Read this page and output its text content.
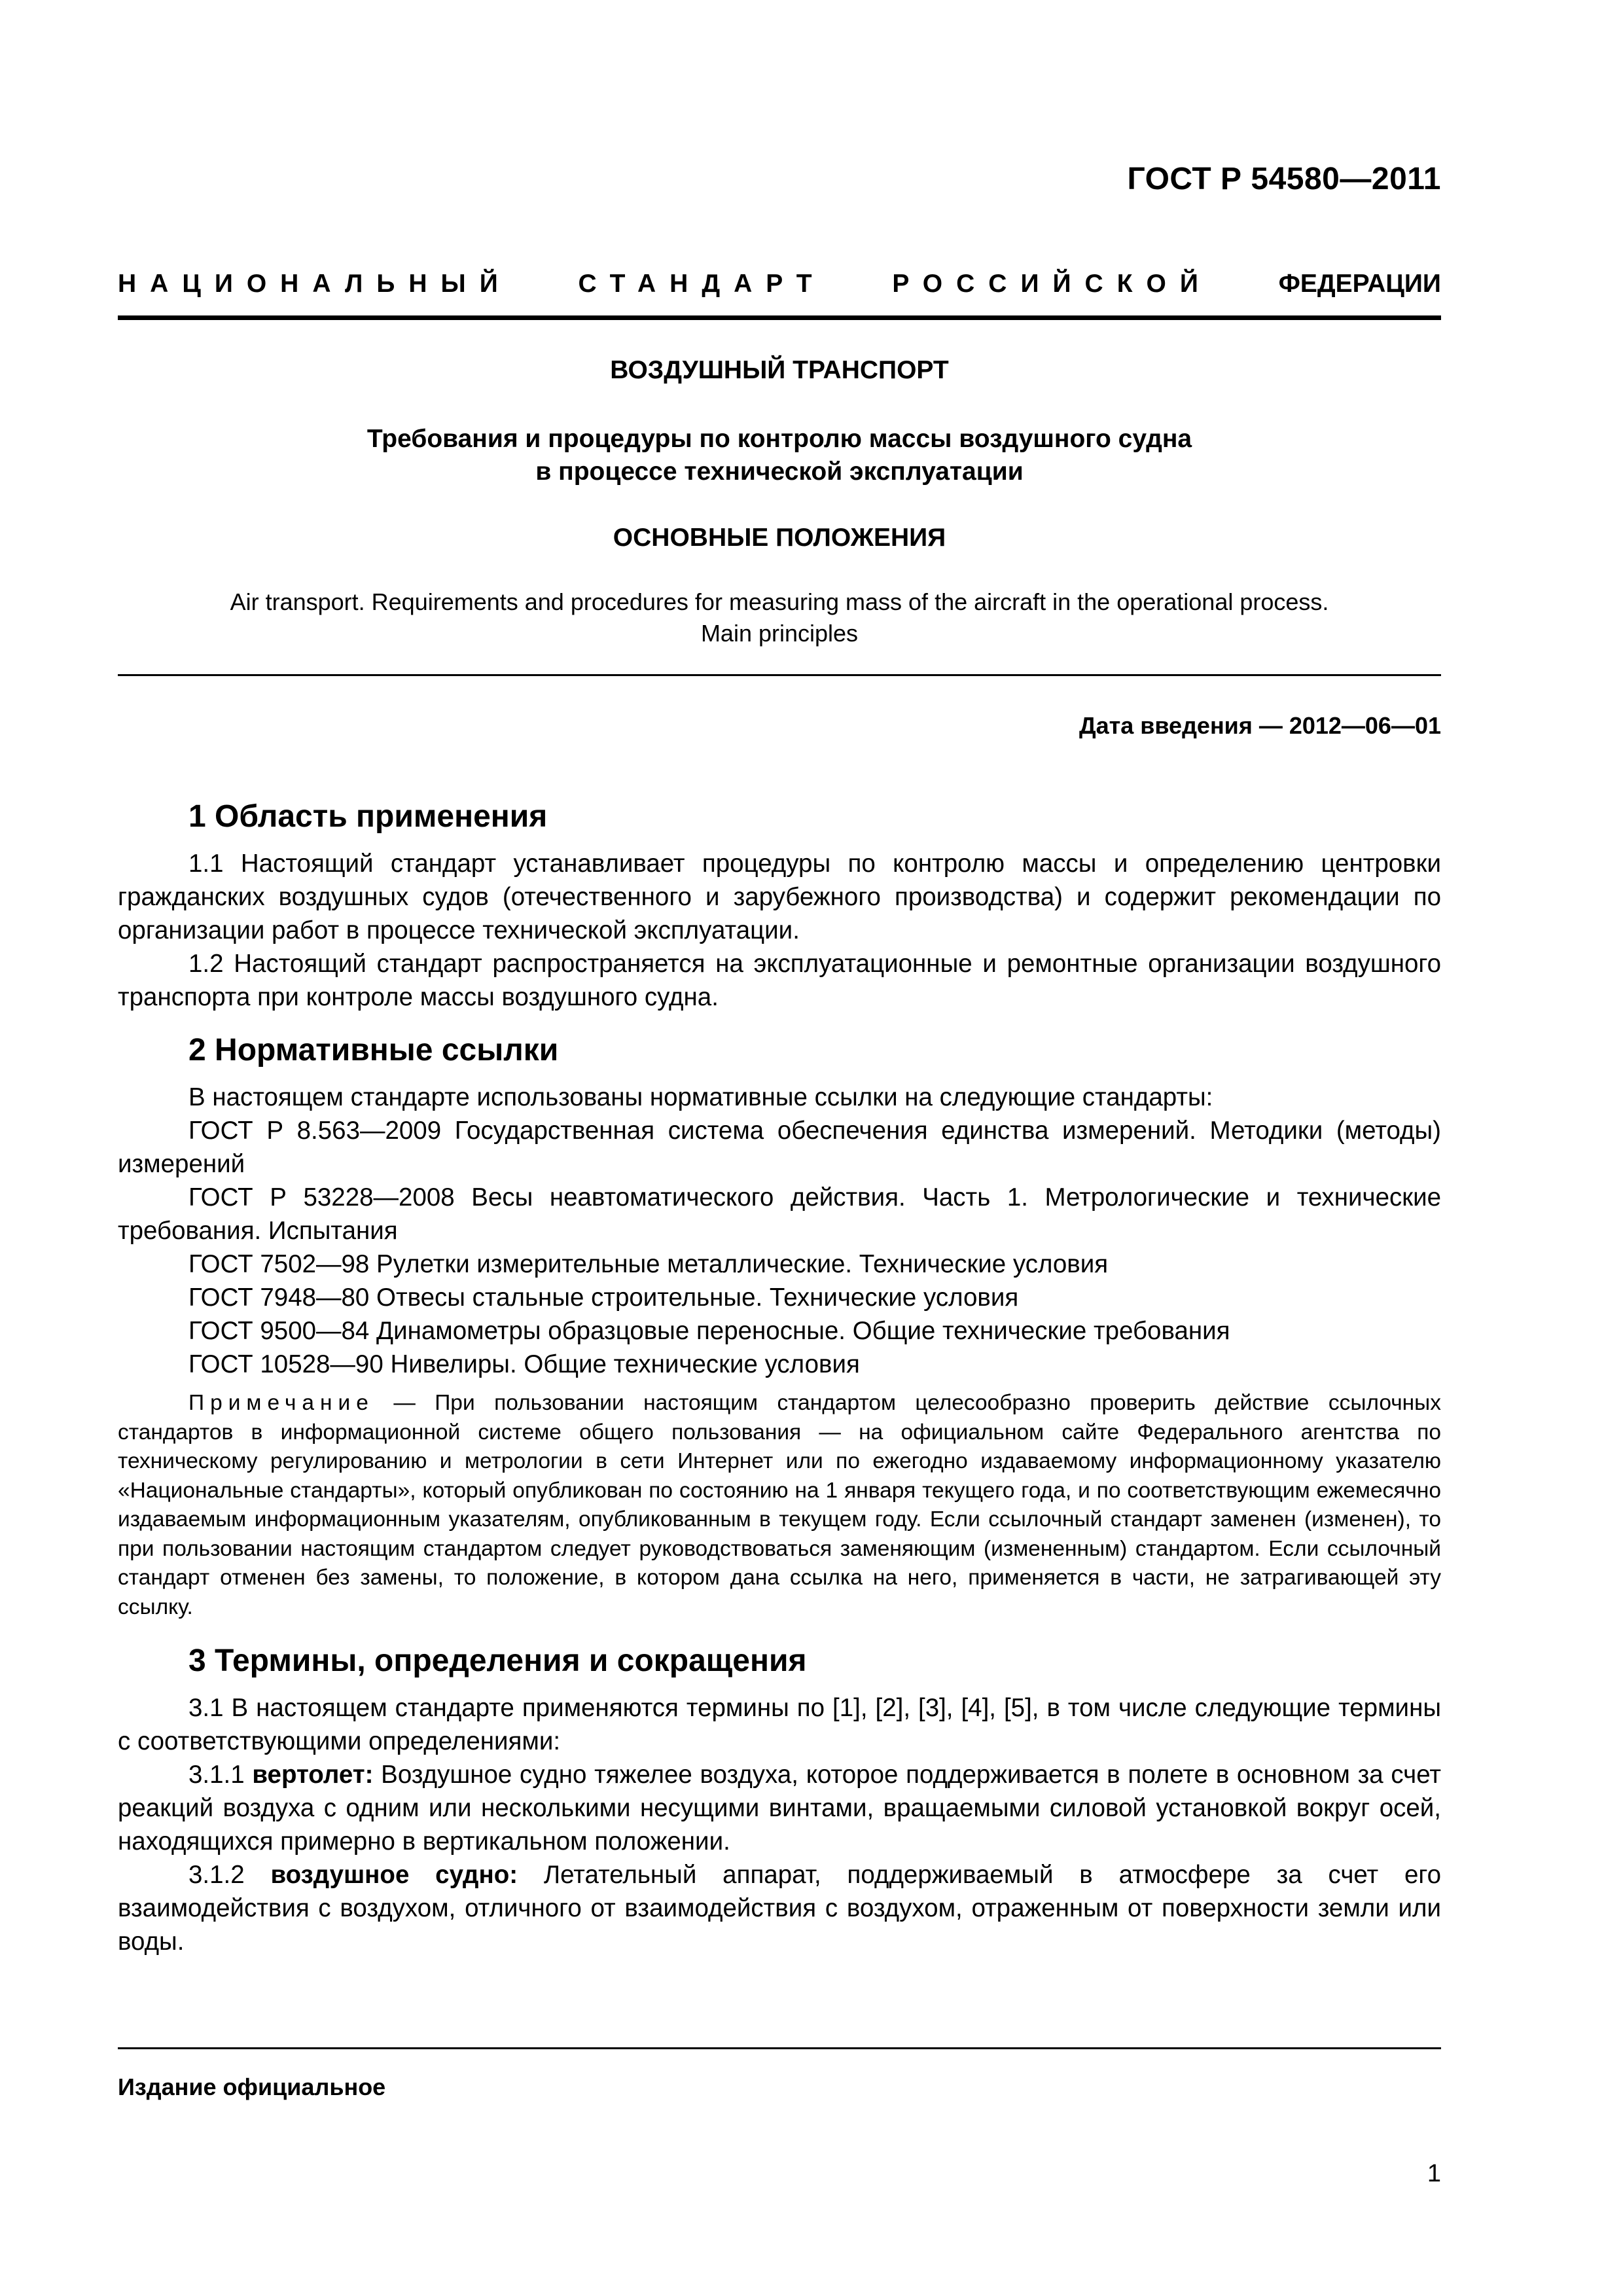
ГОСТ Р 54580—2011
НАЦИОНАЛЬНЫЙ	СТАНДАРТ	РОССИЙСКОЙ	ФЕДЕРАЦИИ
ВОЗДУШНЫЙ ТРАНСПОРТ
Требования и процедуры по контролю массы воздушного судна
в процессе технической эксплуатации
ОСНОВНЫЕ ПОЛОЖЕНИЯ
Air transport. Requirements and procedures for measuring mass of the aircraft in the operational process.
Main principles
Дата введения — 2012—06—01
1 Область применения

1.1 Настоящий стандарт устанавливает процедуры по контролю массы и определению центровки гражданских воздушных судов (отечественного и зарубежного производства) и содержит рекомендации по организации работ в процессе технической эксплуатации.

1.2 Настоящий стандарт распространяется на эксплуатационные и ремонтные организации воздушного транспорта при контроле массы воздушного судна.

2 Нормативные ссылки

В настоящем стандарте использованы нормативные ссылки на следующие стандарты:

ГОСТ Р 8.563—2009 Государственная система обеспечения единства измерений. Методики (методы) измерений

ГОСТ Р 53228—2008 Весы неавтоматического действия. Часть 1. Метрологические и технические требования. Испытания

ГОСТ 7502—98 Рулетки измерительные металлические. Технические условия

ГОСТ 7948—80 Отвесы стальные строительные. Технические условия

ГОСТ 9500—84 Динамометры образцовые переносные. Общие технические требования

ГОСТ 10528—90 Нивелиры. Общие технические условия

Примечание — При пользовании настоящим стандартом целесообразно проверить действие ссылочных стандартов в информационной системе общего пользования — на официальном сайте Федерального агентства по техническому регулированию и метрологии в сети Интернет или по ежегодно издаваемому информационному указателю «Национальные стандарты», который опубликован по состоянию на 1 января текущего года, и по соответствующим ежемесячно издаваемым информационным указателям, опубликованным в текущем году. Если ссылочный стандарт заменен (изменен), то при пользовании настоящим стандартом следует руководствоваться заменяющим (измененным) стандартом. Если ссылочный стандарт отменен без замены, то положение, в котором дана ссылка на него, применяется в части, не затрагивающей эту ссылку.

3 Термины, определения и сокращения

3.1 В настоящем стандарте применяются термины по [1], [2], [3], [4], [5], в том числе следующие термины с соответствующими определениями:

3.1.1 вертолет: Воздушное судно тяжелее воздуха, которое поддерживается в полете в основном за счет реакций воздуха с одним или несколькими несущими винтами, вращаемыми силовой установкой вокруг осей, находящихся примерно в вертикальном положении.

3.1.2 воздушное судно: Летательный аппарат, поддерживаемый в атмосфере за счет его взаимодействия с воздухом, отличного от взаимодействия с воздухом, отраженным от поверхности земли или воды.

Издание официальное
1
